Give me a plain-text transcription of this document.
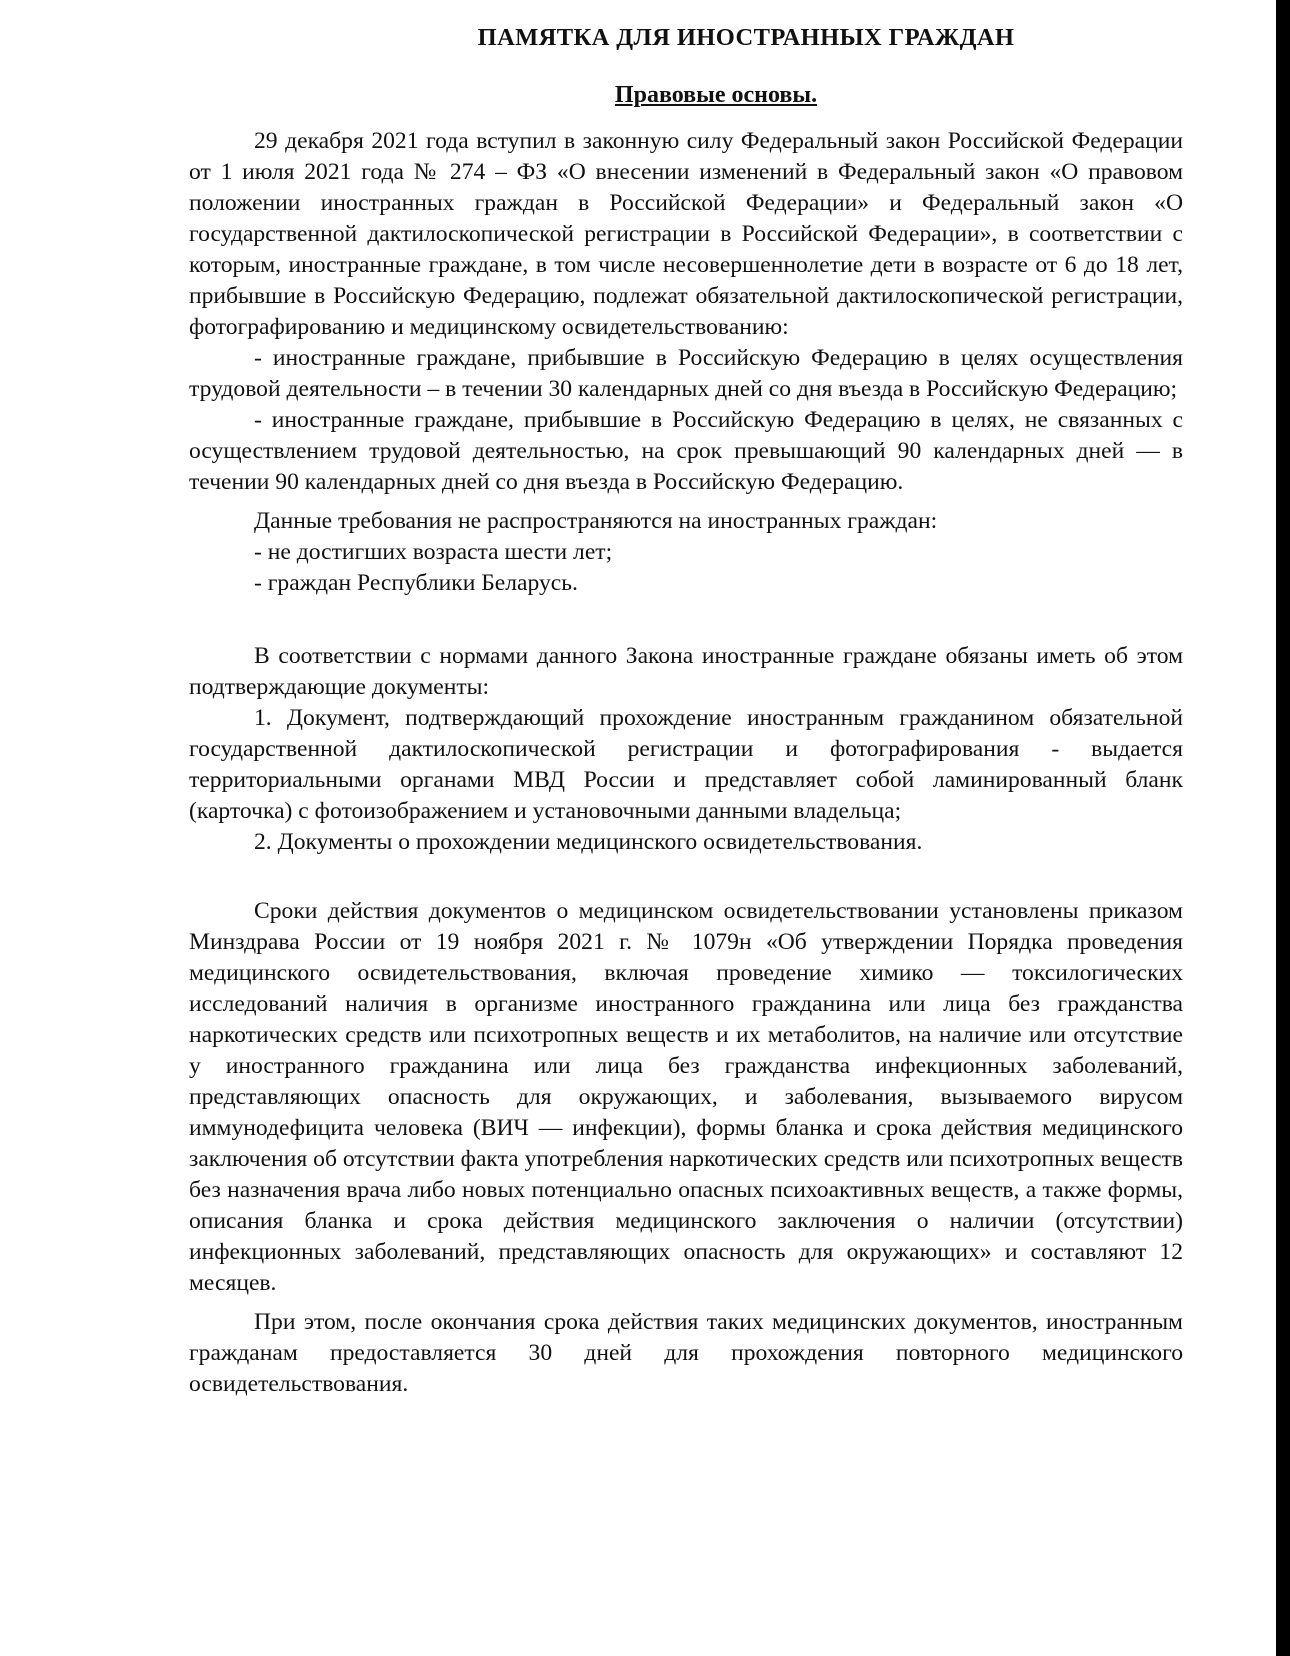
ПАМЯТКА ДЛЯ ИНОСТРАННЫХ ГРАЖДАН
Правовые основы.

29 декабря 2021 года вступил в законную силу Федеральный закон Российской Федерации от 1 июля 2021 года № 274 – ФЗ «О внесении изменений в Федеральный закон «О правовом положении иностранных граждан в Российской Федерации» и Федеральный закон «О государственной дактилоскопической регистрации в Российской Федерации», в соответствии с которым, иностранные граждане, в том числе несовершеннолетие дети в возрасте от 6 до 18 лет, прибывшие в Российскую Федерацию, подлежат обязательной дактилоскопической регистрации, фотографированию и медицинскому освидетельствованию:

- иностранные граждане, прибывшие в Российскую Федерацию в целях осуществления трудовой деятельности – в течении 30 календарных дней со дня въезда в Российскую Федерацию;

- иностранные граждане, прибывшие в Российскую Федерацию в целях, не связанных с осуществлением трудовой деятельностью, на срок превышающий 90 календарных дней — в течении 90 календарных дней со дня въезда в Российскую Федерацию.

Данные требования не распространяются на иностранных граждан:

- не достигших возраста шести лет;

- граждан Республики Беларусь.

В соответствии с нормами данного Закона иностранные граждане обязаны иметь об этом подтверждающие документы:

1. Документ, подтверждающий прохождение иностранным гражданином обязательной государственной дактилоскопической регистрации и фотографирования - выдается территориальными органами МВД России и представляет собой ламинированный бланк (карточка) с фотоизображением и установочными данными владельца;

2. Документы о прохождении медицинского освидетельствования.

Сроки действия документов о медицинском освидетельствовании установлены приказом Минздрава России от 19 ноября 2021 г. № 1079н «Об утверждении Порядка проведения медицинского освидетельствования, включая проведение химико — токсилогических исследований наличия в организме иностранного гражданина или лица без гражданства наркотических средств или психотропных веществ и их метаболитов, на наличие или отсутствие у иностранного гражданина или лица без гражданства инфекционных заболеваний, представляющих опасность для окружающих, и заболевания, вызываемого вирусом иммунодефицита человека (ВИЧ — инфекции), формы бланка и срока действия медицинского заключения об отсутствии факта употребления наркотических средств или психотропных веществ без назначения врача либо новых потенциально опасных психоактивных веществ, а также формы, описания бланка и срока действия медицинского заключения о наличии (отсутствии) инфекционных заболеваний, представляющих опасность для окружающих» и составляют 12 месяцев.

При этом, после окончания срока действия таких медицинских документов, иностранным гражданам предоставляется 30 дней для прохождения повторного медицинского освидетельствования.
